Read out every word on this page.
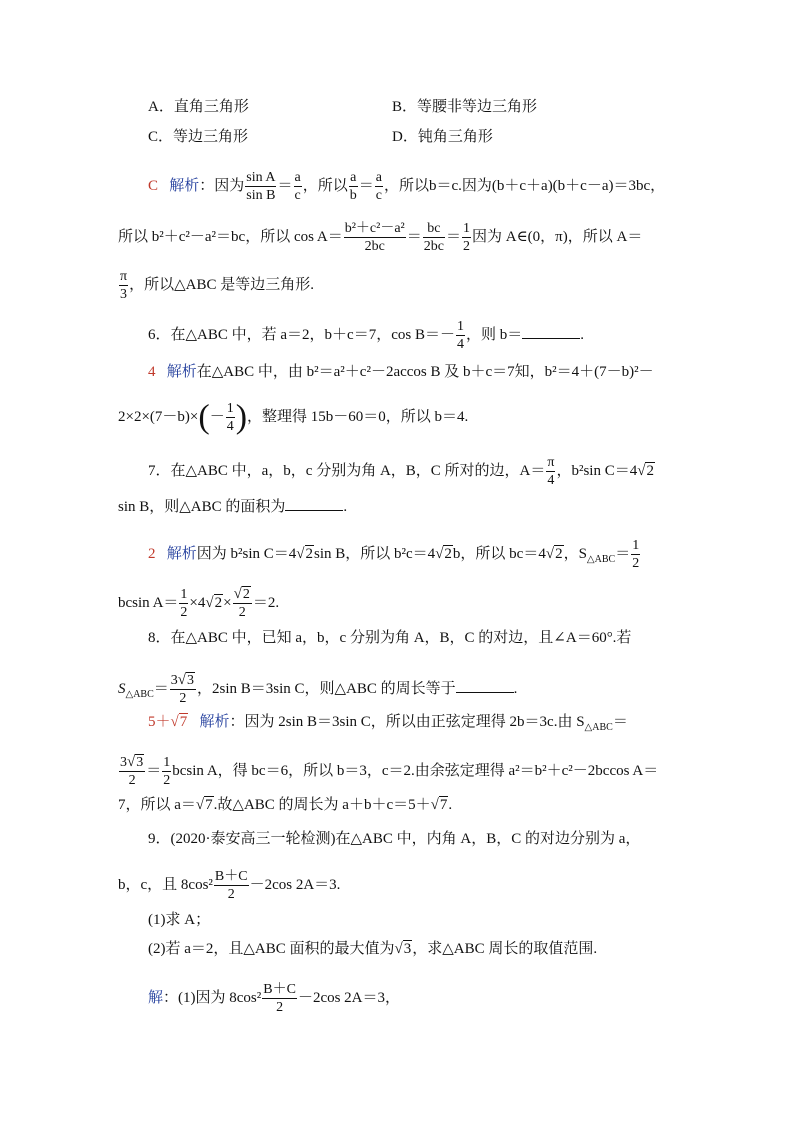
A．直角三角形	B．等腰非等边三角形
C．等边三角形	D．钝角三角形
C 解析：因为 $\frac{\text{sin A}}{\text{sin B}} = \frac{a}{c}$ ，所以 $\frac{a}{b} = \frac{a}{c}$ ，所以b＝c.因为(b＋c＋a)(b＋c－a)＝3bc，
所以 b²＋c²－a²＝bc，所以 $\cos A= \frac{\text{b²＋c²－a²}}{2bc} = \frac{bc}{2bc} = \frac{1}{2}$ 因为 A∈(0，π)，所以 A＝
$\frac{\pi}{3}$ ，所以△ABC 是等边三角形.
6．在△ABC 中，若 a＝2，b＋c＝7，$\cos B=- \frac{1}{4}$ ，则 b＝	.
4 解析在△ABC 中，由 b²＝a²＋c²－2accos B 及 b＋c＝7知，b²＝4＋(7－b)²－
$2\times 2\times(7-b)\times(- \frac{1}{4}$ )，整理得 15b－60＝0，所以 b＝4.
7．在△ABC 中，a，b，c 分别为角 A，B，C 所对的边，$A= \frac{\pi}{4}$ ，b²sin C＝4√2
sin B，则△ABC 的面积为	.
2 解析因为 b²sin C＝4√2sin B，所以 b²c＝4√2b，所以 bc＝4√2，$S_{\triangle ABC}= \frac{1}{2}$
bcsin $A= \frac{1}{2} \times 4√2\times \frac{√2}{2} =2$.
8．在△ABC 中，已知 a，b，c 分别为角 A，B，C 的对边，且∠A＝60°.若
$S_{\triangle ABC}= \frac{3√3}{2}$ ，2sin B＝3sin C，则△ABC 的周长等于	.
5＋√7 解析：因为 2sin B＝3sin C，所以由正弦定理得 2b＝3c.由 $S_{\triangle ABC}=$
$\frac{3√3}{2} = \frac{1}{2}$ bcsin A，得 bc＝6，所以 b＝3，c＝2.由余弦定理得 a²＝b²＋c²－2bccos A＝
7，所以 a＝√7.故△ABC 的周长为 a＋b＋c＝5＋√7.
9．(2020·泰安高三一轮检测)在△ABC 中，内角 A，B，C 的对边分别为 a，
b，c，且 $8\cos^2 \frac{B+C}{2} -2\cos$ 2A＝3.
(1)求 A；
(2)若 a＝2，且△ABC 面积的最大值为√3，求△ABC 周长的取值范围.
解：(1)因为 $8\cos^2 \frac{B+C}{2} -2\cos$ 2A＝3，
